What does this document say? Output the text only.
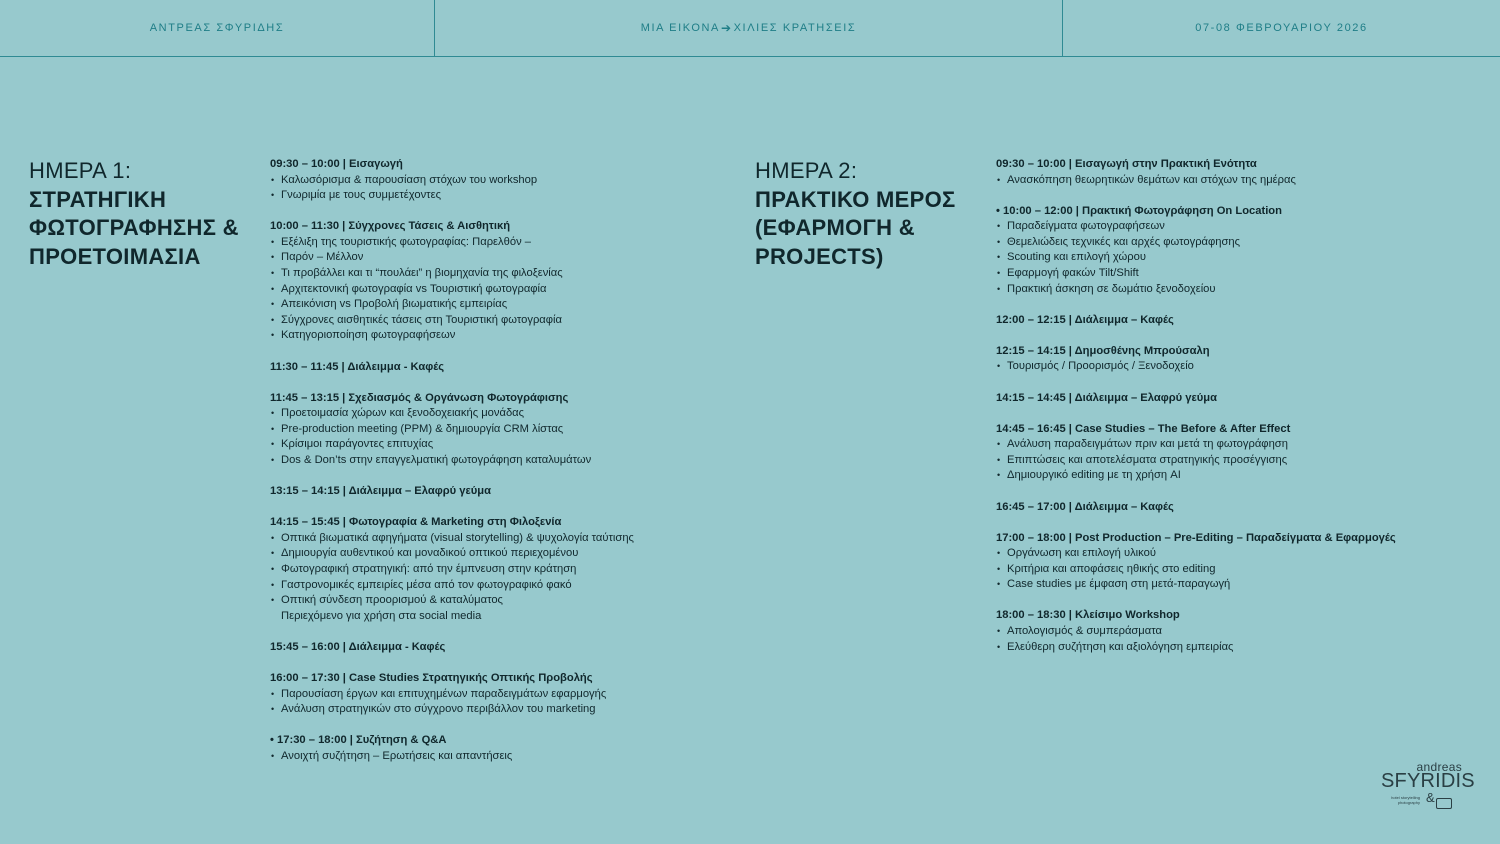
ΑΝΤΡΕΑΣ ΣΦΥΡΙΔΗΣ	ΜΙΑ ΕΙΚΟΝΑ ➔ ΧΙΛΙΕΣ ΚΡΑΤΗΣΕΙΣ	07-08 ΦΕΒΡΟΥΑΡΙΟΥ 2026
ΗΜΕΡΑ 1:
ΣΤΡΑΤΗΓΙΚΗ ΦΩΤΟΓΡΑΦΗΣΗΣ & ΠΡΟΕΤΟΙΜΑΣΙΑ
09:30 – 10:00 | Εισαγωγή
• Καλωσόρισμα & παρουσίαση στόχων του workshop
• Γνωριμία με τους συμμετέχοντες
10:00 – 11:30 | Σύγχρονες Τάσεις & Αισθητική
• Εξέλιξη της τουριστικής φωτογραφίας: Παρελθόν –
• Παρόν – Μέλλον
• Τι προβάλλει και τι “πουλάει” η βιομηχανία της φιλοξενίας
• Αρχιτεκτονική φωτογραφία vs Τουριστική φωτογραφία
• Απεικόνιση vs Προβολή βιωματικής εμπειρίας
• Σύγχρονες αισθητικές τάσεις στη Τουριστική φωτογραφία
• Κατηγοριοποίηση φωτογραφήσεων
11:30 – 11:45 | Διάλειμμα - Καφές
11:45 – 13:15 | Σχεδιασμός & Οργάνωση Φωτογράφισης
• Προετοιμασία χώρων και ξενοδοχειακής μονάδας
• Pre-production meeting (PPM) & δημιουργία CRM λίστας
• Κρίσιμοι παράγοντες επιτυχίας
• Dos & Don’ts στην επαγγελματική φωτογράφηση καταλυμάτων
13:15 – 14:15 | Διάλειμμα – Ελαφρύ γεύμα
14:15 – 15:45 | Φωτογραφία & Marketing στη Φιλοξενία
• Οπτικά βιωματικά αφηγήματα (visual storytelling) & ψυχολογία ταύτισης
• Δημιουργία αυθεντικού και μοναδικού οπτικού περιεχομένου
• Φωτογραφική στρατηγική: από την έμπνευση στην κράτηση
• Γαστρονομικές εμπειρίες μέσα από τον φωτογραφικό φακό
• Οπτική σύνδεση προορισμού & καταλύματος
Περιεχόμενο για χρήση στα social media
15:45 – 16:00 | Διάλειμμα - Καφές
16:00 – 17:30 | Case Studies Στρατηγικής Οπτικής Προβολής
• Παρουσίαση έργων και επιτυχημένων παραδειγμάτων εφαρμογής
• Ανάλυση στρατηγικών στο σύγχρονο περιβάλλον του marketing
• 17:30 – 18:00 | Συζήτηση & Q&A
• Ανοιχτή συζήτηση – Ερωτήσεις και απαντήσεις
ΗΜΕΡΑ 2:
ΠΡΑΚΤΙΚΟ ΜΕΡΟΣ (ΕΦΑΡΜΟΓΗ & PROJECTS)
09:30 – 10:00 | Εισαγωγή στην Πρακτική Ενότητα
• Ανασκόπηση θεωρητικών θεμάτων και στόχων της ημέρας
• 10:00 – 12:00 | Πρακτική Φωτογράφηση On Location
• Παραδείγματα φωτογραφήσεων
• Θεμελιώδεις τεχνικές και αρχές φωτογράφησης
• Scouting και επιλογή χώρου
• Εφαρμογή φακών Tilt/Shift
• Πρακτική άσκηση σε δωμάτιο ξενοδοχείου
12:00 – 12:15 | Διάλειμμα – Καφές
12:15 – 14:15 | Δημοσθένης Μπρούσαλη
• Τουρισμός / Προορισμός / Ξενοδοχείο
14:15 – 14:45 | Διάλειμμα – Ελαφρύ γεύμα
14:45 – 16:45 | Case Studies – The Before & After Effect
• Ανάλυση παραδειγμάτων πριν και μετά τη φωτογράφηση
• Επιπτώσεις και αποτελέσματα στρατηγικής προσέγγισης
• Δημιουργικό editing με τη χρήση AI
16:45 – 17:00 | Διάλειμμα – Καφές
17:00 – 18:00 | Post Production – Pre-Editing – Παραδείγματα & Εφαρμογές
• Οργάνωση και επιλογή υλικού
• Κριτήρια και αποφάσεις ηθικής στο editing
• Case studies με έμφαση στη μετά-παραγωγή
18:00 – 18:30 | Κλείσιμο Workshop
• Απολογισμός & συμπεράσματα
• Ελεύθερη συζήτηση και αξιολόγηση εμπειρίας
andreas
SFYRIDIS
hotel storytelling photography &
